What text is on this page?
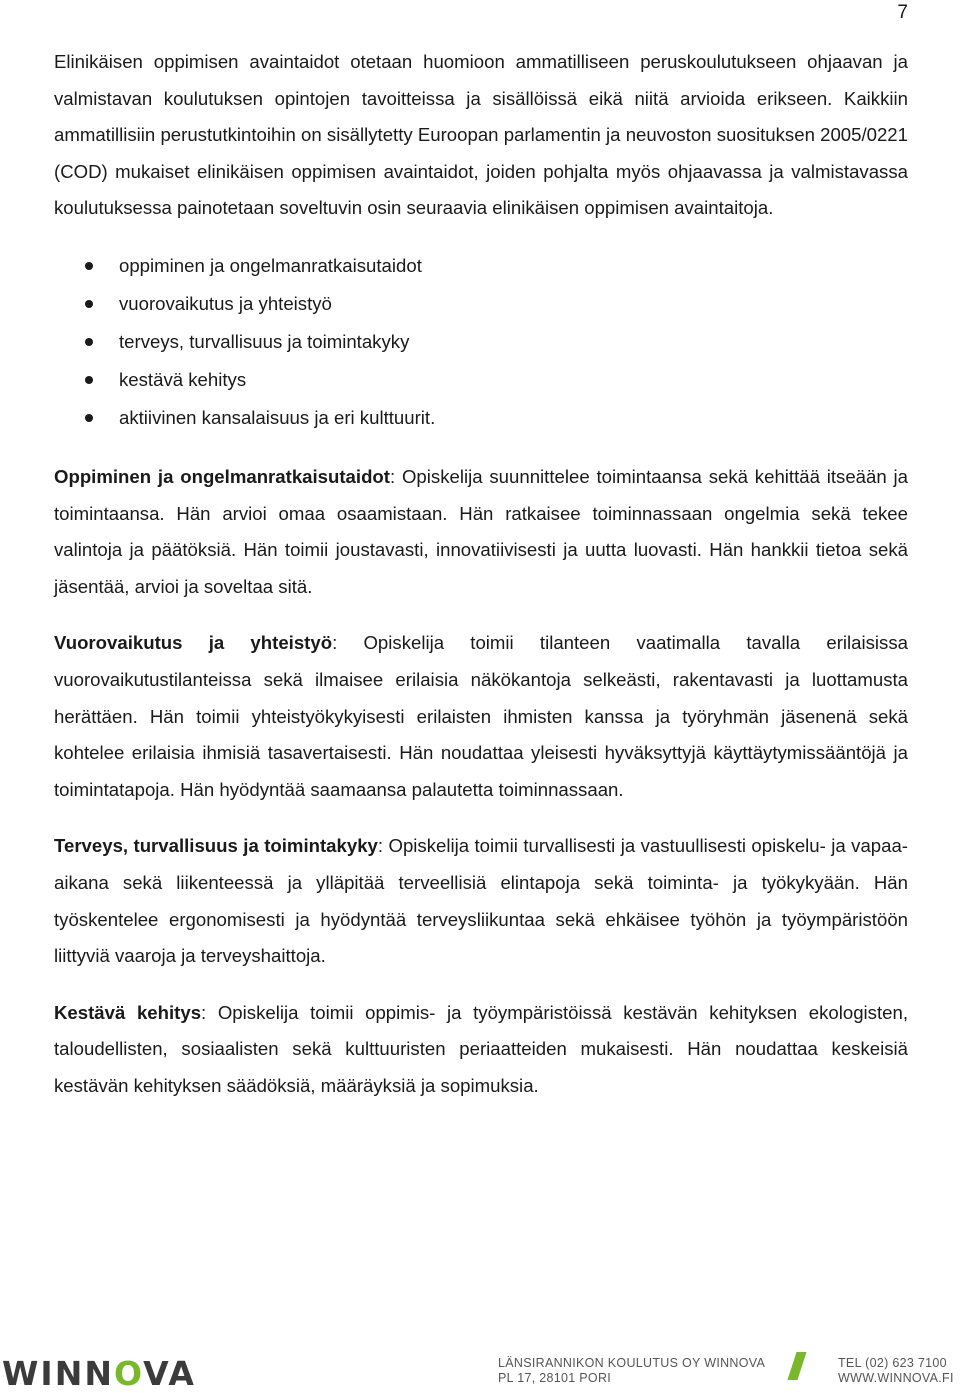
7

Elinikäisen oppimisen avaintaidot otetaan huomioon ammatilliseen peruskoulutukseen ohjaavan ja valmistavan koulutuksen opintojen tavoitteissa ja sisällöissä eikä niitä arvioida erikseen. Kaikkiin ammatillisiin perustutkintoihin on sisällytetty Euroopan parlamentin ja neuvoston suosituksen 2005/0221 (COD) mukaiset elinikäisen oppimisen avaintaidot, joiden pohjalta myös ohjaavassa ja valmistavassa koulutuksessa painotetaan soveltuvin osin seuraavia elinikäisen oppimisen avaintaitoja.

oppiminen ja ongelmanratkaisutaidot
vuorovaikutus ja yhteistyö
terveys, turvallisuus ja toimintakyky
kestävä kehitys
aktiivinen kansalaisuus ja eri kulttuurit.

Oppiminen ja ongelmanratkaisutaidot: Opiskelija suunnittelee toimintaansa sekä kehittää itseään ja toimintaansa. Hän arvioi omaa osaamistaan. Hän ratkaisee toiminnassaan ongelmia sekä tekee valintoja ja päätöksiä. Hän toimii joustavasti, innovatiivisesti ja uutta luovasti. Hän hankkii tietoa sekä jäsentää, arvioi ja soveltaa sitä.

Vuorovaikutus ja yhteistyö: Opiskelija toimii tilanteen vaatimalla tavalla erilaisissa vuorovaikutustilanteissa sekä ilmaisee erilaisia näkökantoja selkeästi, rakentavasti ja luottamusta herättäen. Hän toimii yhteistyökykyisesti erilaisten ihmisten kanssa ja työryhmän jäsenenä sekä kohtelee erilaisia ihmisiä tasavertaisesti. Hän noudattaa yleisesti hyväksyttyjä käyttäytymissääntöjä ja toimintatapoja. Hän hyödyntää saamaansa palautetta toiminnassaan.

Terveys, turvallisuus ja toimintakyky: Opiskelija toimii turvallisesti ja vastuullisesti opiskelu- ja vapaa-aikana sekä liikenteessä ja ylläpitää terveellisiä elintapoja sekä toiminta- ja työkykyään. Hän työskentelee ergonomisesti ja hyödyntää terveysliikuntaa sekä ehkäisee työhön ja työympäristöön liittyviä vaaroja ja terveyshaittoja.

Kestävä kehitys: Opiskelija toimii oppimis- ja työympäristöissä kestävän kehityksen ekologisten, taloudellisten, sosiaalisten sekä kulttuuristen periaatteiden mukaisesti. Hän noudattaa keskeisiä kestävän kehityksen säädöksiä, määräyksiä ja sopimuksia.

WINNOVA	LÄNSIRANNIKON KOULUTUS OY WINNOVA
PL 17, 28101 PORI
TEL (02) 623 7100
WWW.WINNOVA.FI
